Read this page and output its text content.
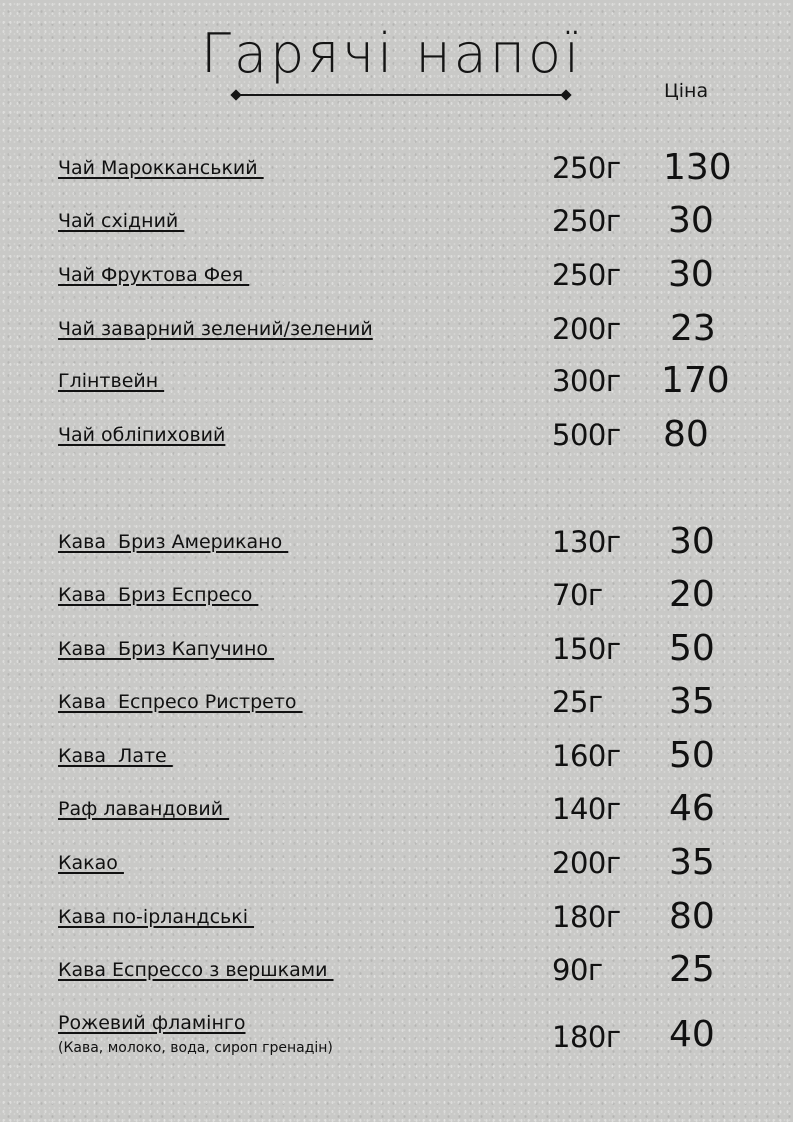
Гарячі напої
Ціна
Чай Марокканський	250г 130
Чай східний	250г 30
Чай Фруктова Фея	250г 30
Чай заварний зелений/зелений	200г 23
Глінтвейн	300г 170
Чай обліпиховий	500г 80
Кава  Бриз Американо	130г 30
Кава  Бриз Еспресо	70г 20
Кава  Бриз Капучино	150г 50
Кава  Еспресо Ристрето	25г 35
Кава  Лате	160г 50
Раф лавандовий	140г 46
Какао	200г 35
Кава по-ірландські	180г 80
Кава Еспрессо з вершками	90г 25
Рожевий фламінго
(Кава, молоко, вода, сироп гренадін)	180г 40
